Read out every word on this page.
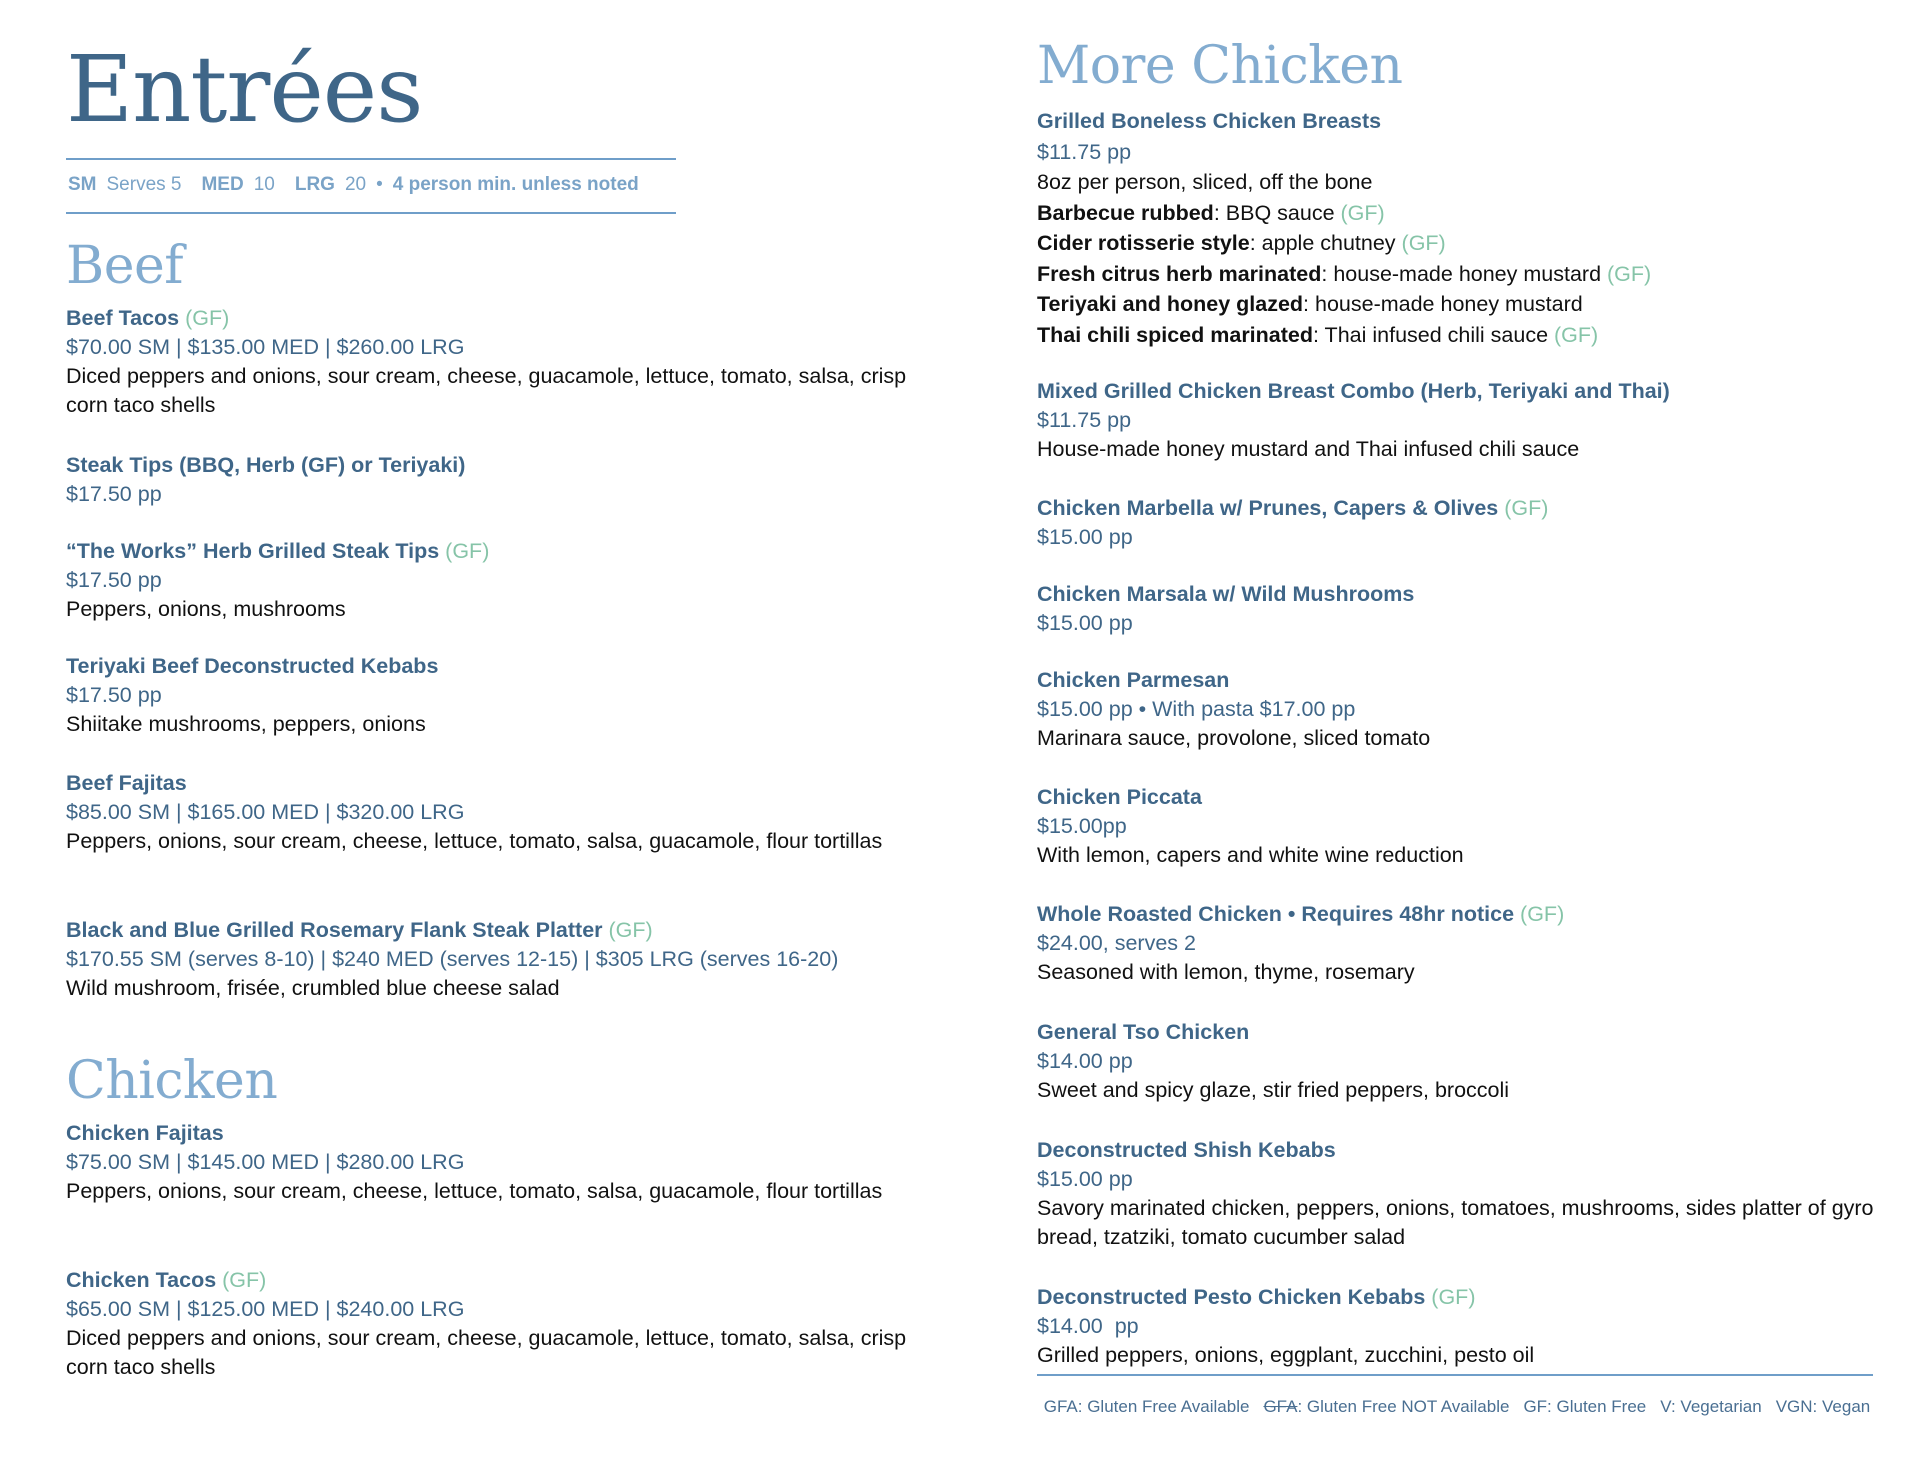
Entrées
SM Serves 5 MED 10 LRG 20 • 4 person min. unless noted
Beef
Beef Tacos (GF)
$70.00 SM | $135.00 MED | $260.00 LRG
Diced peppers and onions, sour cream, cheese, guacamole, lettuce, tomato, salsa, crisp corn taco shells
Steak Tips (BBQ, Herb (GF) or Teriyaki)
$17.50 pp
“The Works” Herb Grilled Steak Tips (GF)
$17.50 pp
Peppers, onions, mushrooms
Teriyaki Beef Deconstructed Kebabs
$17.50 pp
Shiitake mushrooms, peppers, onions
Beef Fajitas
$85.00 SM | $165.00 MED | $320.00 LRG
Peppers, onions, sour cream, cheese, lettuce, tomato, salsa, guacamole, flour tortillas
Black and Blue Grilled Rosemary Flank Steak Platter (GF)
$170.55 SM (serves 8-10) | $240 MED (serves 12-15) | $305 LRG (serves 16-20)
Wild mushroom, frisée, crumbled blue cheese salad
Chicken
Chicken Fajitas
$75.00 SM | $145.00 MED | $280.00 LRG
Peppers, onions, sour cream, cheese, lettuce, tomato, salsa, guacamole, flour tortillas
Chicken Tacos (GF)
$65.00 SM | $125.00 MED | $240.00 LRG
Diced peppers and onions, sour cream, cheese, guacamole, lettuce, tomato, salsa, crisp corn taco shells
More Chicken
Grilled Boneless Chicken Breasts
$11.75 pp
8oz per person, sliced, off the bone
Barbecue rubbed: BBQ sauce (GF)
Cider rotisserie style: apple chutney (GF)
Fresh citrus herb marinated: house-made honey mustard (GF)
Teriyaki and honey glazed: house-made honey mustard
Thai chili spiced marinated: Thai infused chili sauce (GF)
Mixed Grilled Chicken Breast Combo (Herb, Teriyaki and Thai)
$11.75 pp
House-made honey mustard and Thai infused chili sauce
Chicken Marbella w/ Prunes, Capers & Olives (GF)
$15.00 pp
Chicken Marsala w/ Wild Mushrooms
$15.00 pp
Chicken Parmesan
$15.00 pp • With pasta $17.00 pp
Marinara sauce, provolone, sliced tomato
Chicken Piccata
$15.00pp
With lemon, capers and white wine reduction
Whole Roasted Chicken • Requires 48hr notice (GF)
$24.00, serves 2
Seasoned with lemon, thyme, rosemary
General Tso Chicken
$14.00 pp
Sweet and spicy glaze, stir fried peppers, broccoli
Deconstructed Shish Kebabs
$15.00 pp
Savory marinated chicken, peppers, onions, tomatoes, mushrooms, sides platter of gyro bread, tzatziki, tomato cucumber salad
Deconstructed Pesto Chicken Kebabs (GF)
$14.00  pp
Grilled peppers, onions, eggplant, zucchini, pesto oil
GFA: Gluten Free Available GFA: Gluten Free NOT Available GF: Gluten Free V: Vegetarian VGN: Vegan
